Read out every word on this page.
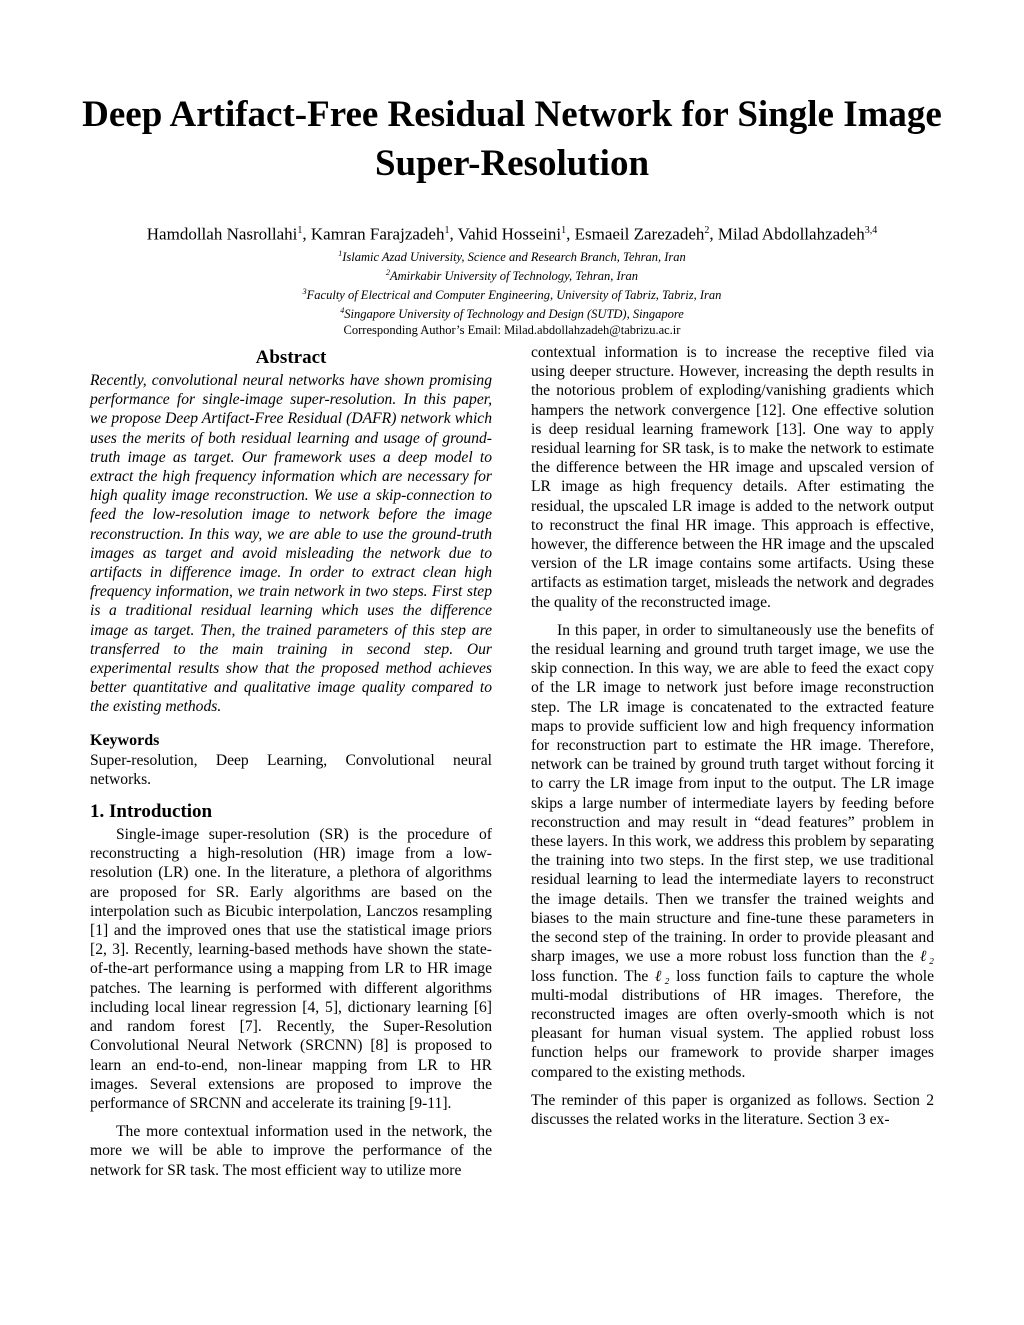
Deep Artifact-Free Residual Network for Single Image Super-Resolution
Hamdollah Nasrollahi$^1$, Kamran Farajzadeh$^1$, Vahid Hosseini$^1$, Esmaeil Zarezadeh$^2$, Milad Abdollahzadeh$^{3,4}$
$^1$Islamic Azad University, Science and Research Branch, Tehran, Iran
$^2$Amirkabir University of Technology, Tehran, Iran
$^3$Faculty of Electrical and Computer Engineering, University of Tabriz, Tabriz, Iran
$^4$Singapore University of Technology and Design (SUTD), Singapore
Corresponding Author’s Email: Milad.abdollahzadeh@tabrizu.ac.ir
Abstract

Recently, convolutional neural networks have shown promising performance for single-image super-resolution. In this paper, we propose Deep Artifact-Free Residual (DAFR) network which uses the merits of both residual learning and usage of ground-truth image as target. Our framework uses a deep model to extract the high frequency information which are necessary for high quality image reconstruction. We use a skip-connection to feed the low-resolution image to network before the image reconstruction. In this way, we are able to use the ground-truth images as target and avoid misleading the network due to artifacts in difference image. In order to extract clean high frequency information, we train network in two steps. First step is a traditional residual learning which uses the difference image as target. Then, the trained parameters of this step are transferred to the main training in second step. Our experimental results show that the proposed method achieves better quantitative and qualitative image quality compared to the existing methods.

Keywords

Super-resolution, Deep Learning, Convolutional neural networks.

1. Introduction

Single-image super-resolution (SR) is the procedure of reconstructing a high-resolution (HR) image from a low-resolution (LR) one. In the literature, a plethora of algorithms are proposed for SR. Early algorithms are based on the interpolation such as Bicubic interpolation, Lanczos resampling [1] and the improved ones that use the statistical image priors [2, 3]. Recently, learning-based methods have shown the state-of-the-art performance using a mapping from LR to HR image patches. The learning is performed with different algorithms including local linear regression [4, 5], dictionary learning [6] and random forest [7]. Recently, the Super-Resolution Convolutional Neural Network (SRCNN) [8] is proposed to learn an end-to-end, non-linear mapping from LR to HR images. Several extensions are proposed to improve the performance of SRCNN and accelerate its training [9-11].

The more contextual information used in the network, the more we will be able to improve the performance of the network for SR task. The most efficient way to utilize more

contextual information is to increase the receptive filed via using deeper structure. However, increasing the depth results in the notorious problem of exploding/vanishing gradients which hampers the network convergence [12]. One effective solution is deep residual learning framework [13]. One way to apply residual learning for SR task, is to make the network to estimate the difference between the HR image and upscaled version of LR image as high frequency details. After estimating the residual, the upscaled LR image is added to the network output to reconstruct the final HR image. This approach is effective, however, the difference between the HR image and the upscaled version of the LR image contains some artifacts. Using these artifacts as estimation target, misleads the network and degrades the quality of the reconstructed image.

In this paper, in order to simultaneously use the benefits of the residual learning and ground truth target image, we use the skip connection. In this way, we are able to feed the exact copy of the LR image to network just before image reconstruction step. The LR image is concatenated to the extracted feature maps to provide sufficient low and high frequency information for reconstruction part to estimate the HR image. Therefore, network can be trained by ground truth target without forcing it to carry the LR image from input to the output. The LR image skips a large number of intermediate layers by feeding before reconstruction and may result in “dead features” problem in these layers. In this work, we address this problem by separating the training into two steps. In the first step, we use traditional residual learning to lead the intermediate layers to reconstruct the image details. Then we transfer the trained weights and biases to the main structure and fine-tune these parameters in the second step of the training. In order to provide pleasant and sharp images, we use a more robust loss function than the ℓ₂ loss function. The ℓ₂ loss function fails to capture the whole multi-modal distributions of HR images. Therefore, the reconstructed images are often overly-smooth which is not pleasant for human visual system. The applied robust loss function helps our framework to provide sharper images compared to the existing methods.

The reminder of this paper is organized as follows. Section 2 discusses the related works in the literature. Section 3 ex-
